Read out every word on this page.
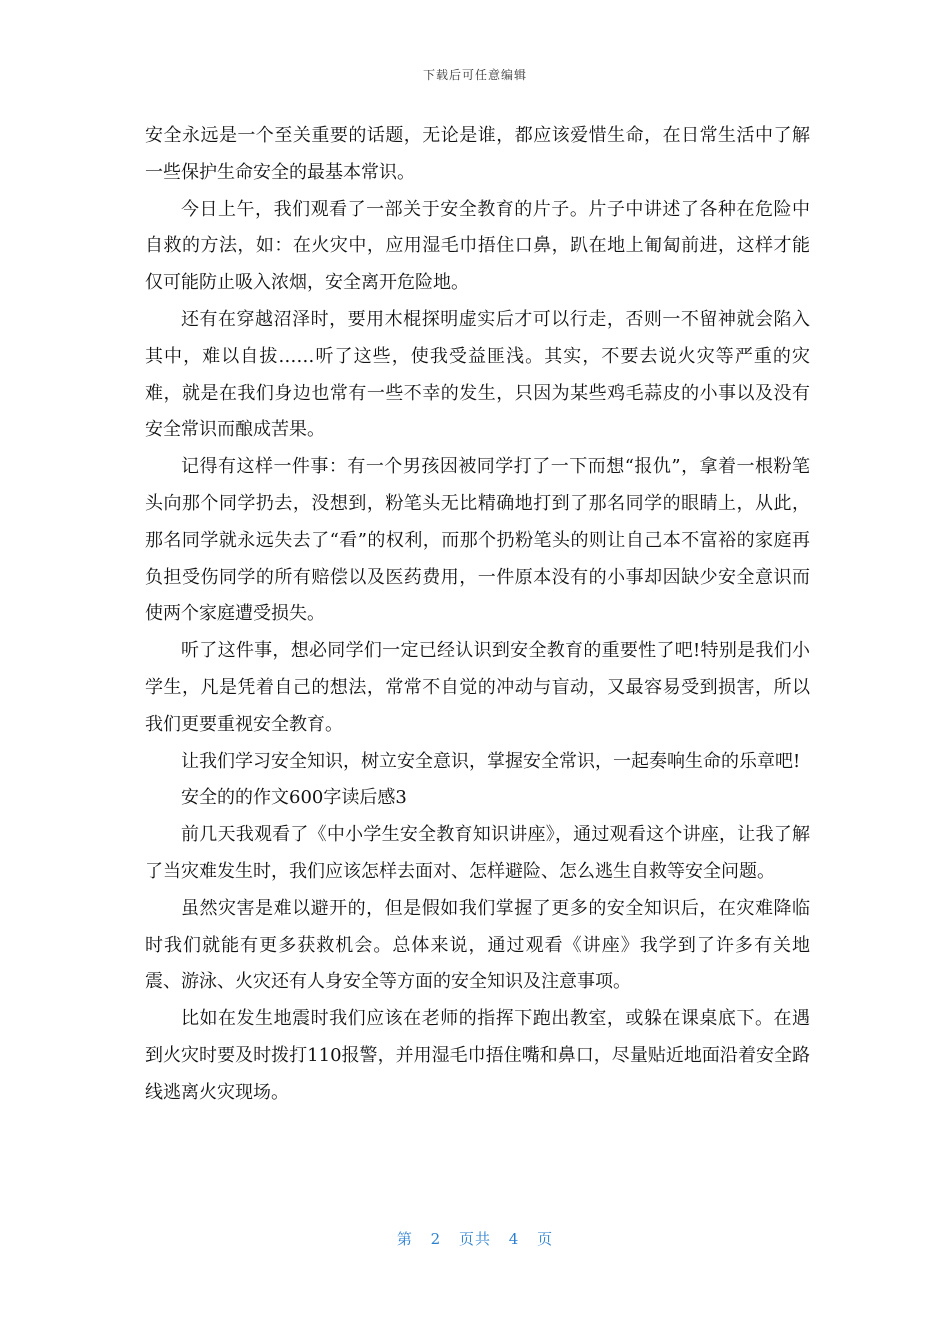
下载后可任意编辑

安全永远是一个至关重要的话题，无论是谁，都应该爱惜生命，在日常生活中了解一些保护生命安全的最基本常识。

今日上午，我们观看了一部关于安全教育的片子。片子中讲述了各种在危险中自救的方法，如：在火灾中，应用湿毛巾捂住口鼻，趴在地上匍匐前进，这样才能仅可能防止吸入浓烟，安全离开危险地。

还有在穿越沼泽时，要用木棍探明虚实后才可以行走，否则一不留神就会陷入其中，难以自拔……听了这些，使我受益匪浅。其实，不要去说火灾等严重的灾难，就是在我们身边也常有一些不幸的发生，只因为某些鸡毛蒜皮的小事以及没有安全常识而酿成苦果。

记得有这样一件事：有一个男孩因被同学打了一下而想“报仇”，拿着一根粉笔头向那个同学扔去，没想到，粉笔头无比精确地打到了那名同学的眼睛上，从此，那名同学就永远失去了“看”的权利，而那个扔粉笔头的则让自己本不富裕的家庭再负担受伤同学的所有赔偿以及医药费用，一件原本没有的小事却因缺少安全意识而使两个家庭遭受损失。

听了这件事，想必同学们一定已经认识到安全教育的重要性了吧!特别是我们小学生，凡是凭着自己的想法，常常不自觉的冲动与盲动，又最容易受到损害，所以我们更要重视安全教育。

让我们学习安全知识，树立安全意识，掌握安全常识，一起奏响生命的乐章吧!

安全的的作文600字读后感3

前几天我观看了《中小学生安全教育知识讲座》，通过观看这个讲座，让我了解了当灾难发生时，我们应该怎样去面对、怎样避险、怎么逃生自救等安全问题。

虽然灾害是难以避开的，但是假如我们掌握了更多的安全知识后，在灾难降临时我们就能有更多获救机会。总体来说，通过观看《讲座》我学到了许多有关地震、游泳、火灾还有人身安全等方面的安全知识及注意事项。

比如在发生地震时我们应该在老师的指挥下跑出教室，或躲在课桌底下。在遇到火灾时要及时拨打110报警，并用湿毛巾捂住嘴和鼻口，尽量贴近地面沿着安全路线逃离火灾现场。

第 2 页共 4 页
